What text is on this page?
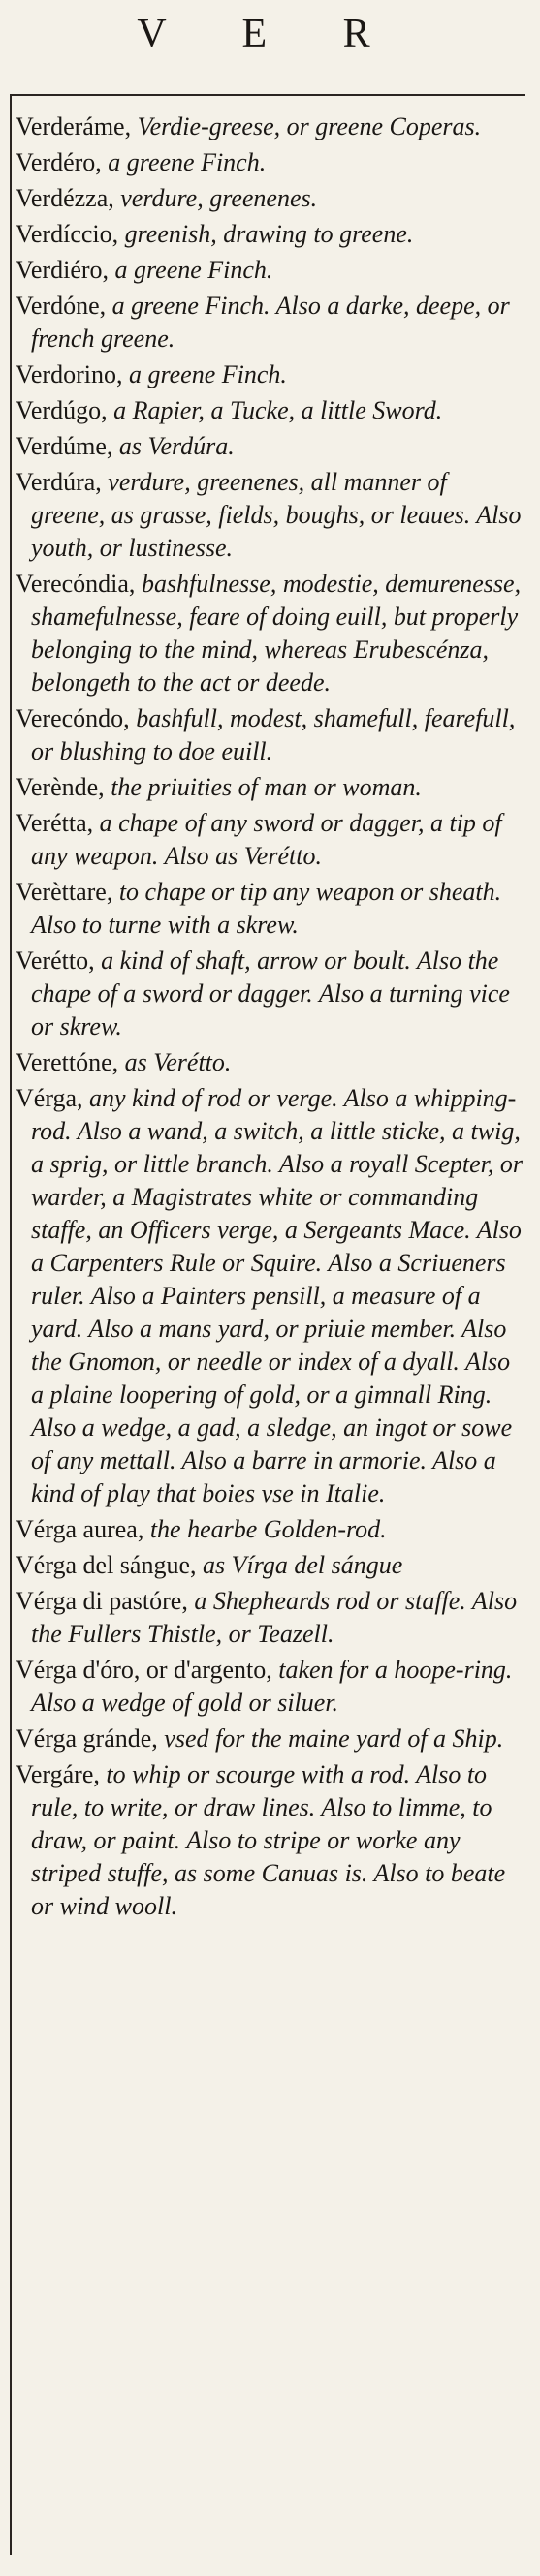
V E R
Verderáme, Verdie-greese, or greene Coperas.
Verdéro, a greene Finch.
Verdézza, verdure, greenenes.
Verdíccio, greenish, drawing to greene.
Verdiéro, a greene Finch.
Verdóne, a greene Finch. Also a darke, deepe, or french greene.
Verdorino, a greene Finch.
Verdúgo, a Rapier, a Tucke, a little Sword.
Verdúme, as Verdúra.
Verdúra, verdure, greenenes, all manner of greene, as grasse, fields, boughs, or leaues. Also youth, or lustinesse.
Verecóndia, bashfulnesse, modestie, demurenesse, shamefulnesse, feare of doing euill, but properly belonging to the mind, whereas Erubescénza, belongeth to the act or deede.
Verecóndo, bashfull, modest, shamefull, fearefull, or blushing to doe euill.
Verènde, the priuities of man or woman.
Verétta, a chape of any sword or dagger, a tip of any weapon. Also as Verétto.
Verèttare, to chape or tip any weapon or sheath. Also to turne with a skrew.
Verétto, a kind of shaft, arrow or boult. Also the chape of a sword or dagger. Also a turning vice or skrew.
Verettóne, as Verétto.
Vérga, any kind of rod or verge. Also a whipping-rod. Also a wand, a switch, a little sticke, a twig, a sprig, or little branch. Also a royall Scepter, or warder, a Magistrates white or commanding staffe, an Officers verge, a Sergeants Mace. Also a Carpenters Rule or Squire. Also a Scriueners ruler. Also a Painters pensill, a measure of a yard. Also a mans yard, or priuie member. Also the Gnomon, or needle or index of a dyall. Also a plaine loopering of gold, or a gimnall Ring. Also a wedge, a gad, a sledge, an ingot or sowe of any mettall. Also a barre in armorie. Also a kind of play that boies vse in Italie.
Vérga aurea, the hearbe Golden-rod.
Vérga del sángue, as Vírga del sángue
Vérga di pastóre, a Shepheards rod or staffe. Also the Fullers Thistle, or Teazell.
Vérga d'óro, or d'argento, taken for a hoope-ring. Also a wedge of gold or siluer.
Vérga gránde, vsed for the maine yard of a Ship.
Vergáre, to whip or scourge with a rod. Also to rule, to write, or draw lines. Also to limme, to draw, or paint. Also to stripe or worke any striped stuffe, as some Canuas is. Also to beate or wind wooll.
